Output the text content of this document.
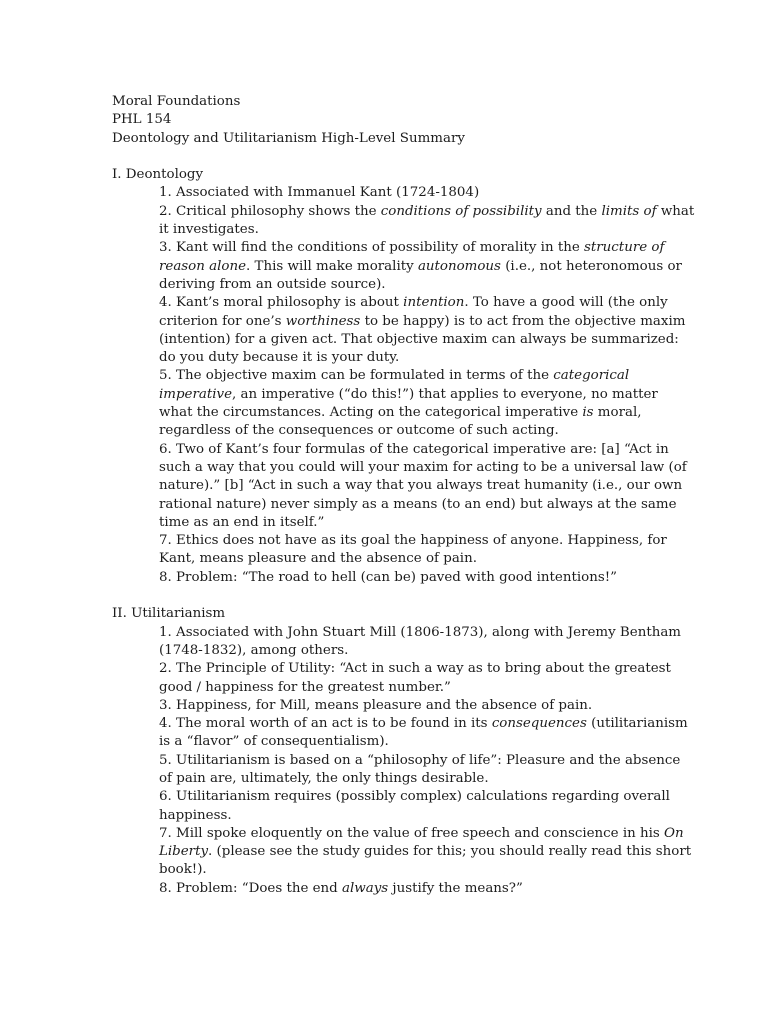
Moral Foundations
PHL 154
Deontology and Utilitarianism High-Level Summary
I. Deontology
1. Associated with Immanuel Kant (1724-1804)
2. Critical philosophy shows the conditions of possibility and the limits of what
it investigates.
3. Kant will find the conditions of possibility of morality in the structure of
reason alone. This will make morality autonomous (i.e., not heteronomous or
deriving from an outside source).
4. Kant’s moral philosophy is about intention. To have a good will (the only
criterion for one’s worthiness to be happy) is to act from the objective maxim
(intention) for a given act. That objective maxim can always be summarized:
do you duty because it is your duty.
5. The objective maxim can be formulated in terms of the categorical
imperative, an imperative (“do this!”) that applies to everyone, no matter
what the circumstances. Acting on the categorical imperative is moral,
regardless of the consequences or outcome of such acting.
6. Two of Kant’s four formulas of the categorical imperative are: [a] “Act in
such a way that you could will your maxim for acting to be a universal law (of
nature).” [b] “Act in such a way that you always treat humanity (i.e., our own
rational nature) never simply as a means (to an end) but always at the same
time as an end in itself.”
7. Ethics does not have as its goal the happiness of anyone. Happiness, for
Kant, means pleasure and the absence of pain.
8. Problem: “The road to hell (can be) paved with good intentions!”
II. Utilitarianism
1. Associated with John Stuart Mill (1806-1873), along with Jeremy Bentham
(1748-1832), among others.
2. The Principle of Utility: “Act in such a way as to bring about the greatest
good / happiness for the greatest number.”
3. Happiness, for Mill, means pleasure and the absence of pain.
4. The moral worth of an act is to be found in its consequences (utilitarianism
is a “flavor” of consequentialism).
5. Utilitarianism is based on a “philosophy of life”: Pleasure and the absence
of pain are, ultimately, the only things desirable.
6. Utilitarianism requires (possibly complex) calculations regarding overall
happiness.
7. Mill spoke eloquently on the value of free speech and conscience in his On
Liberty. (please see the study guides for this; you should really read this short
book!).
8. Problem: “Does the end always justify the means?”
